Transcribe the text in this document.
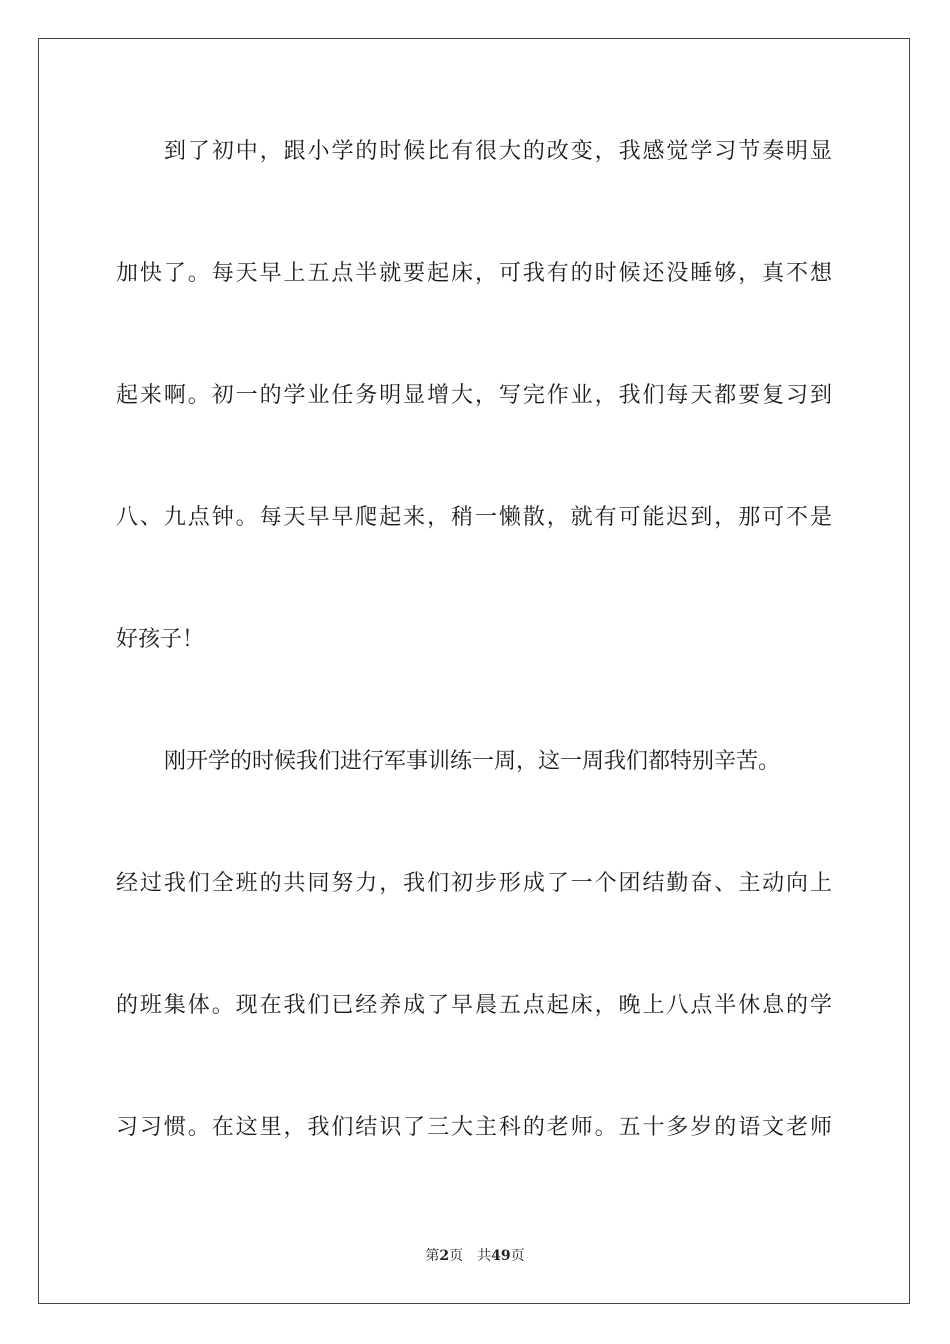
到了初中，跟小学的时候比有很大的改变，我感觉学习节奏明显

加快了。每天早上五点半就要起床，可我有的时候还没睡够，真不想

起来啊。初一的学业任务明显增大，写完作业，我们每天都要复习到

八、九点钟。每天早早爬起来，稍一懒散，就有可能迟到，那可不是

好孩子！

刚开学的时候我们进行军事训练一周，这一周我们都特别辛苦。

经过我们全班的共同努力，我们初步形成了一个团结勤奋、主动向上

的班集体。现在我们已经养成了早晨五点起床，晚上八点半休息的学

习习惯。在这里，我们结识了三大主科的老师。五十多岁的语文老师

第2页 共49页
